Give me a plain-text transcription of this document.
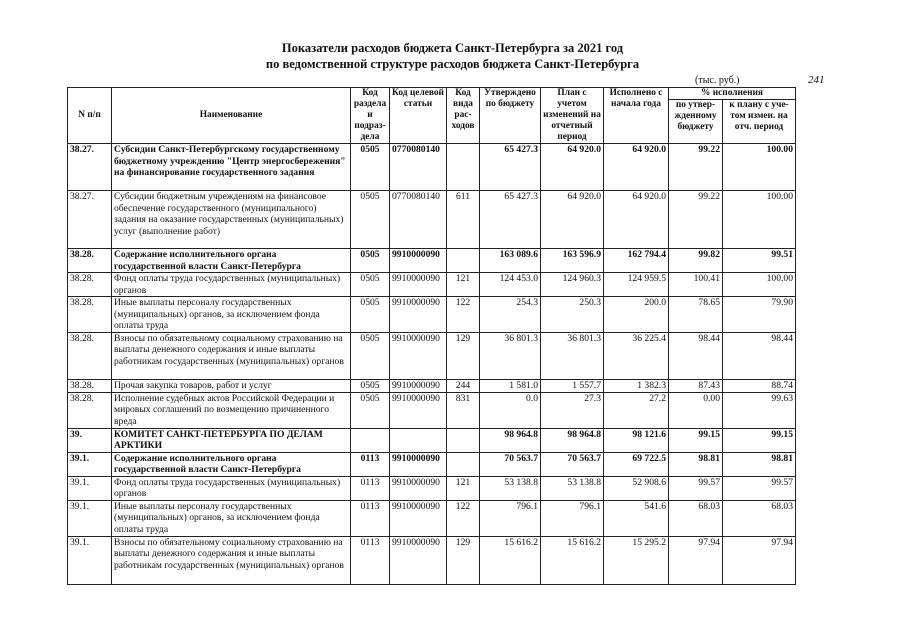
Показатели расходов бюджета Санкт-Петербурга за 2021 год
по ведомственной структуре расходов бюджета Санкт-Петербурга
(тыс. руб.)	241
N п/п	Наименование	Код раздела и подраз-дела	Код целевой статьи	Код вида рас-ходов	Утверждено по бюджету	План с учетом изменений на отчетный период	Исполнено с начала года	% исполнения	
								по утвер-жденному бюджету	к плану с уче-том измен. на отч. период
38.27.	Субсидии Санкт-Петербургскому государственному бюджетному учреждению "Центр энергосбережения" на финансирование государственного задания	0505	0770080140		65 427.3	64 920.0	64 920.0	99.22	100.00
38.27.	Субсидии бюджетным учреждениям на финансовое обеспечение государственного (муниципального) задания на оказание государственных (муниципальных) услуг (выполнение работ)	0505	0770080140	611	65 427.3	64 920.0	64 920.0	99.22	100.00
38.28.	Содержание исполнительного органа государственной власти Санкт-Петербурга	0505	9910000090		163 089.6	163 596.9	162 794.4	99.82	99.51
38.28.	Фонд оплаты труда государственных (муниципальных) органов	0505	9910000090	121	124 453.0	124 960.3	124 959.5	100.41	100.00
38.28.	Иные выплаты персоналу государственных (муниципальных) органов, за исключением фонда оплаты труда	0505	9910000090	122	254.3	250.3	200.0	78.65	79.90
38.28.	Взносы по обязательному социальному страхованию на выплаты денежного содержания и иные выплаты работникам государственных (муниципальных) органов	0505	9910000090	129	36 801.3	36 801.3	36 225.4	98.44	98.44
38.28.	Прочая закупка товаров, работ и услуг	0505	9910000090	244	1 581.0	1 557.7	1 382.3	87.43	88.74
38.28.	Исполнение судебных актов Российской Федерации и мировых соглашений по возмещению причиненного вреда	0505	9910000090	831	0.0	27.3	27.2	0.00	99.63
39.	КОМИТЕТ САНКТ-ПЕТЕРБУРГА ПО ДЕЛАМ АРКТИКИ				98 964.8	98 964.8	98 121.6	99.15	99.15
39.1.	Содержание исполнительного органа государственной власти Санкт-Петербурга	0113	9910000090		70 563.7	70 563.7	69 722.5	98.81	98.81
39.1.	Фонд оплаты труда государственных (муниципальных) органов	0113	9910000090	121	53 138.8	53 138.8	52 908.6	99.57	99.57
39.1.	Иные выплаты персоналу государственных (муниципальных) органов, за исключением фонда оплаты труда	0113	9910000090	122	796.1	796.1	541.6	68.03	68.03
39.1.	Взносы по обязательному социальному страхованию на выплаты денежного содержания и иные выплаты работникам государственных (муниципальных) органов	0113	9910000090	129	15 616.2	15 616.2	15 295.2	97.94	97.94
